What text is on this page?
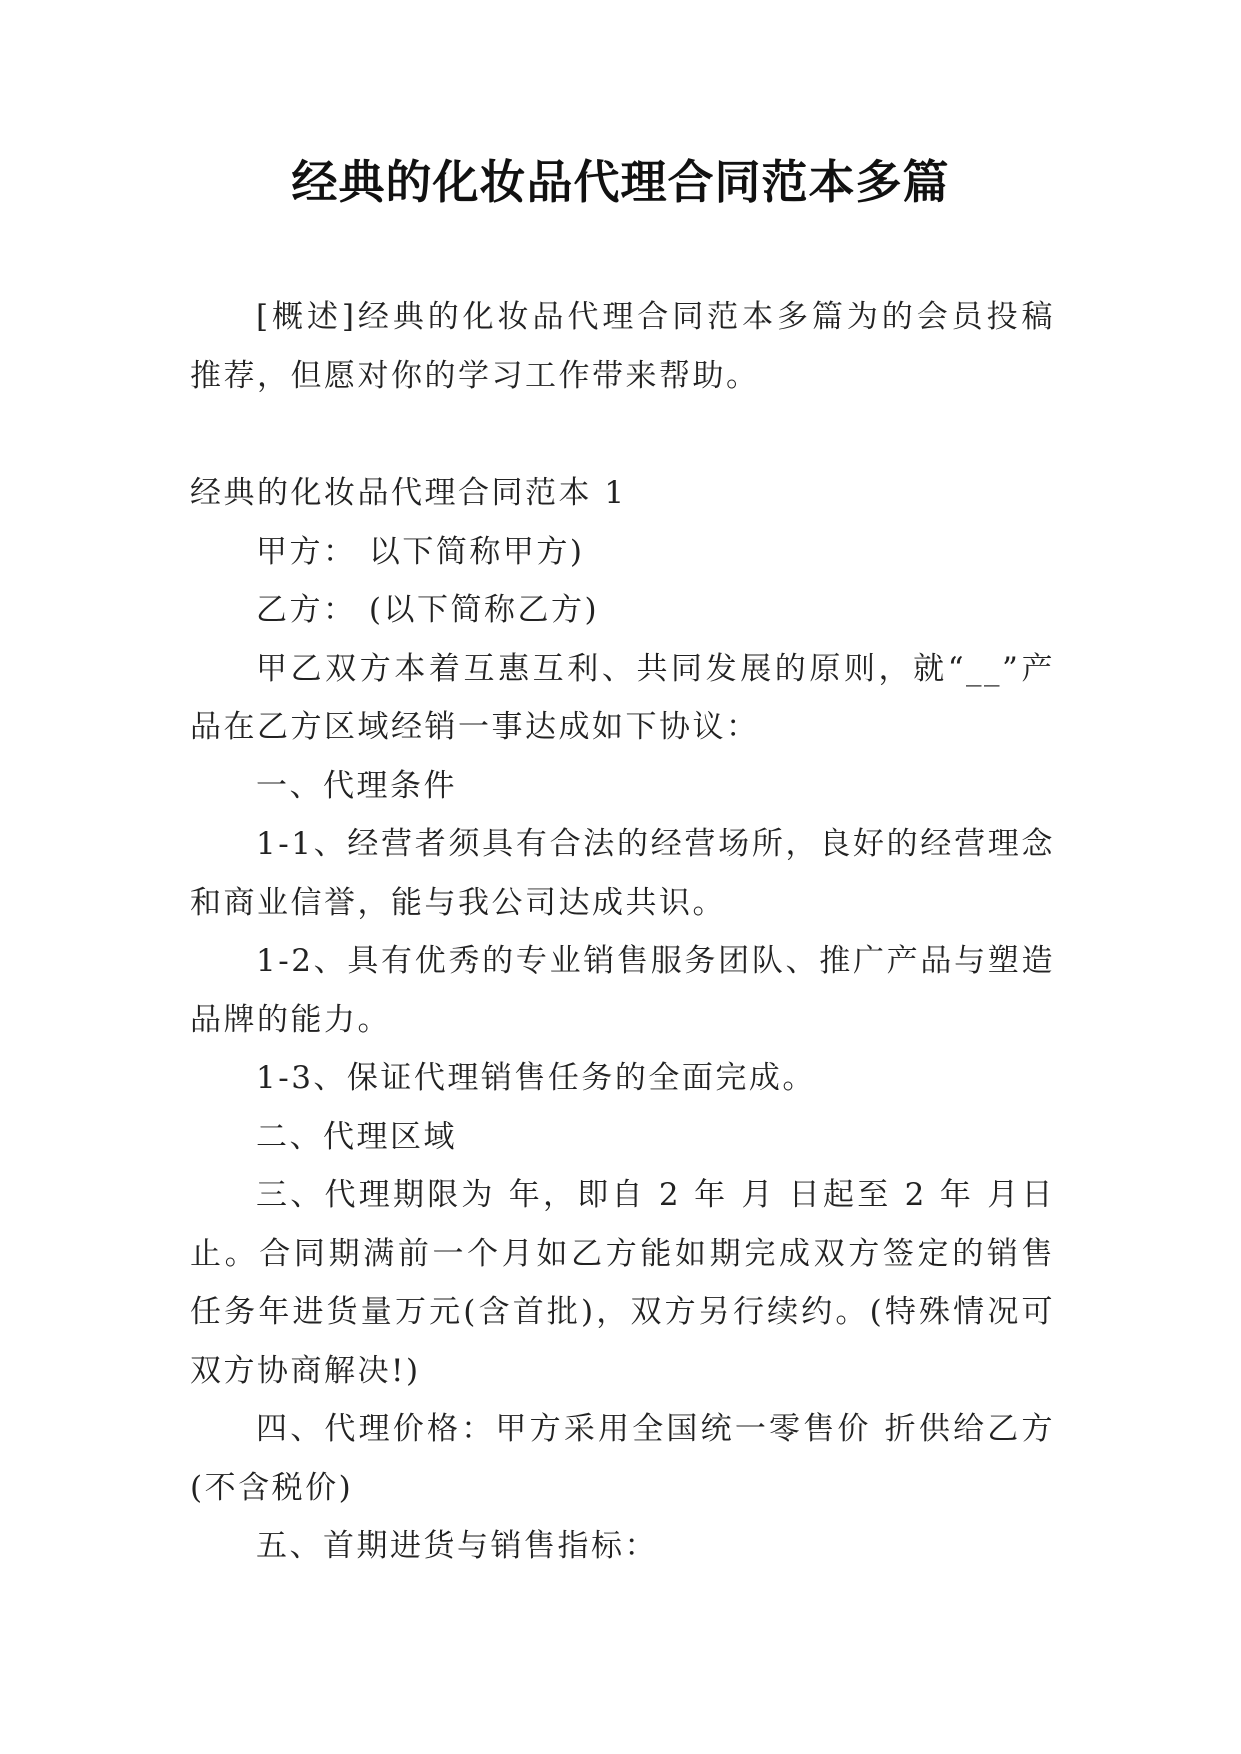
经典的化妆品代理合同范本多篇

[概述]经典的化妆品代理合同范本多篇为的会员投稿推荐，但愿对你的学习工作带来帮助。

经典的化妆品代理合同范本 1

甲方： 以下简称甲方)

乙方： (以下简称乙方)

甲乙双方本着互惠互利、共同发展的原则，就“__”产品在乙方区域经销一事达成如下协议：

一、代理条件

1-1、经营者须具有合法的经营场所，良好的经营理念和商业信誉，能与我公司达成共识。

1-2、具有优秀的专业销售服务团队、推广产品与塑造品牌的能力。

1-3、保证代理销售任务的全面完成。

二、代理区域

三、代理期限为 年，即自 2 年 月 日起至 2 年 月日止。合同期满前一个月如乙方能如期完成双方签定的销售任务年进货量万元(含首批)，双方另行续约。(特殊情况可双方协商解决!)

四、代理价格：甲方采用全国统一零售价 折供给乙方(不含税价)

五、首期进货与销售指标：
